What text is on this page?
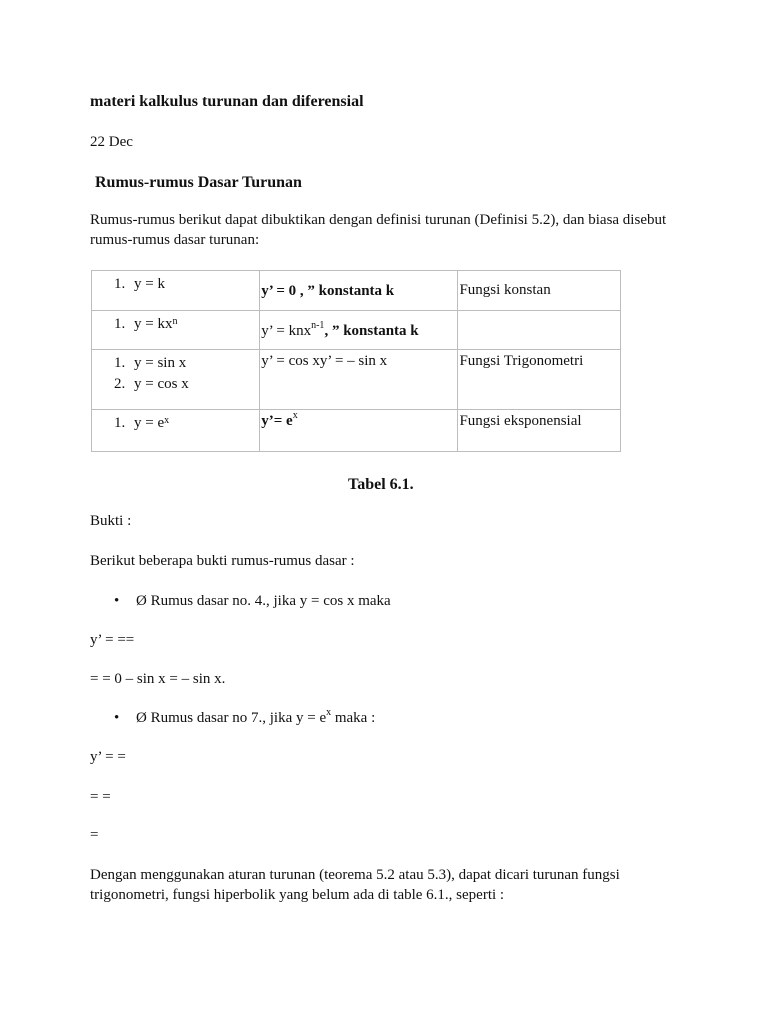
materi kalkulus turunan dan diferensial
22 Dec
Rumus-rumus Dasar Turunan
Rumus-rumus berikut dapat dibuktikan dengan definisi turunan (Definisi 5.2), dan biasa disebut rumus-rumus dasar turunan:
1. y = k	y’ = 0 , ” konstanta k	Fungsi konstan

1. $y = kx^n$	y’ = knx$^{n-1}$, ” konstanta k	

1. y = sin x
2. y = cos x	y’ = cos xy’ = – sin x	Fungsi Trigonometri

1. $y = e^x$	y’= $e^x$	Fungsi eksponensial
Tabel 6.1.
Bukti :
Berikut beberapa bukti rumus-rumus dasar :
• Ø Rumus dasar no. 4., jika y = cos x maka
y’ = ==
= = 0 – sin x = – sin x.
• Ø Rumus dasar no 7., jika $y = e^x$ maka :
y’ = =
= =
=
Dengan menggunakan aturan turunan (teorema 5.2 atau 5.3), dapat dicari turunan fungsi trigonometri, fungsi hiperbolik yang belum ada di table 6.1., seperti :
